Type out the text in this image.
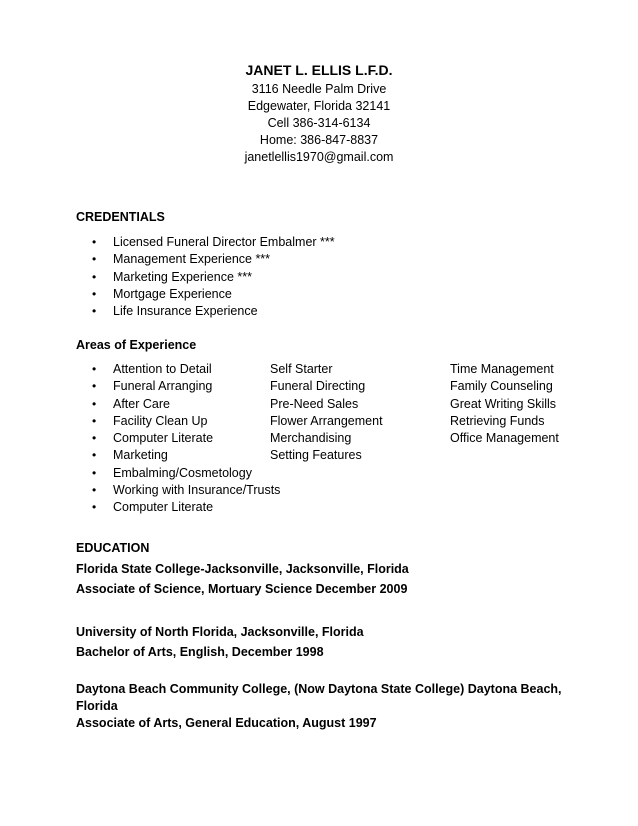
JANET L. ELLIS L.F.D.
3116 Needle Palm Drive
Edgewater, Florida 32141
Cell 386-314-6134
Home: 386-847-8837
janetlellis1970@gmail.com
CREDENTIALS
• Licensed Funeral Director Embalmer ***
• Management Experience ***
• Marketing Experience ***
• Mortgage Experience
• Life Insurance Experience
Areas of Experience
• Attention to Detail	Self Starter	Time Management
• Funeral Arranging	Funeral Directing	Family Counseling
• After Care	Pre-Need Sales	Great Writing Skills
• Facility Clean Up	Flower Arrangement	Retrieving Funds
• Computer Literate	Merchandising	Office Management
• Marketing	Setting Features
• Embalming/Cosmetology
• Working with Insurance/Trusts
• Computer Literate
EDUCATION
Florida State College-Jacksonville, Jacksonville, Florida
Associate of Science, Mortuary Science December 2009
University of North Florida, Jacksonville, Florida
Bachelor of Arts, English, December 1998
Daytona Beach Community College, (Now Daytona State College) Daytona Beach, Florida
Associate of Arts, General Education, August 1997
